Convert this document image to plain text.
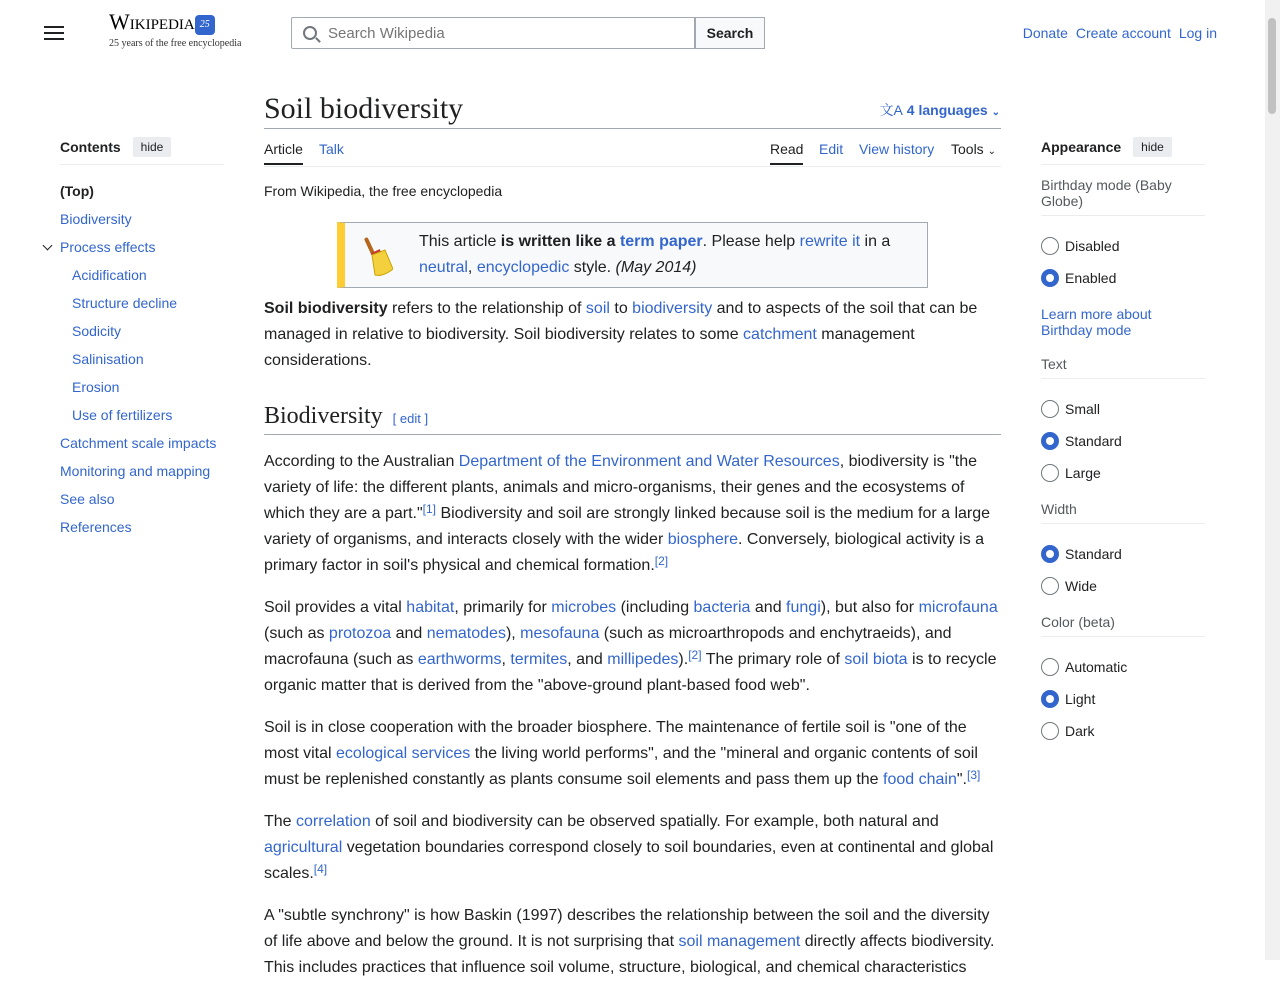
Wikipedia 25
25 years of the free encyclopedia
Search Wikipedia
Search	Donate Create account Log in
Soil biodiversity	文A 4 languages ⌄
Article Talk	Read Edit View history Tools ⌄
Contents	hide
(Top)
Biodiversity
Process effects
Acidification
Structure decline
Sodicity
Salinisation
Erosion
Use of fertilizers
Catchment scale impacts
Monitoring and mapping
See also
References
From Wikipedia, the free encyclopedia
This article is written like a term paper. Please help rewrite it in a neutral, encyclopedic style. (May 2014)

Soil biodiversity refers to the relationship of soil to biodiversity and to aspects of the soil that can be managed in relative to biodiversity. Soil biodiversity relates to some catchment management considerations.

Biodiversity [ edit ]

According to the Australian Department of the Environment and Water Resources, biodiversity is "the variety of life: the different plants, animals and micro-organisms, their genes and the ecosystems of which they are a part."[1] Biodiversity and soil are strongly linked because soil is the medium for a large variety of organisms, and interacts closely with the wider biosphere. Conversely, biological activity is a primary factor in soil's physical and chemical formation.[2]

Soil provides a vital habitat, primarily for microbes (including bacteria and fungi), but also for microfauna (such as protozoa and nematodes), mesofauna (such as microarthropods and enchytraeids), and macrofauna (such as earthworms, termites, and millipedes).[2] The primary role of soil biota is to recycle organic matter that is derived from the "above-ground plant-based food web".

Soil is in close cooperation with the broader biosphere. The maintenance of fertile soil is "one of the most vital ecological services the living world performs", and the "mineral and organic contents of soil must be replenished constantly as plants consume soil elements and pass them up the food chain".[3]

The correlation of soil and biodiversity can be observed spatially. For example, both natural and agricultural vegetation boundaries correspond closely to soil boundaries, even at continental and global scales.[4]

A "subtle synchrony" is how Baskin (1997) describes the relationship between the soil and the diversity of life above and below the ground. It is not surprising that soil management directly affects biodiversity. This includes practices that influence soil volume, structure, biological, and chemical characteristics

Appearance	hide
Birthday mode (Baby Globe)
Disabled
Enabled
Learn more about Birthday mode
Text
Small
Standard
Large
Width
Standard
Wide
Color (beta)
Automatic
Light
Dark
